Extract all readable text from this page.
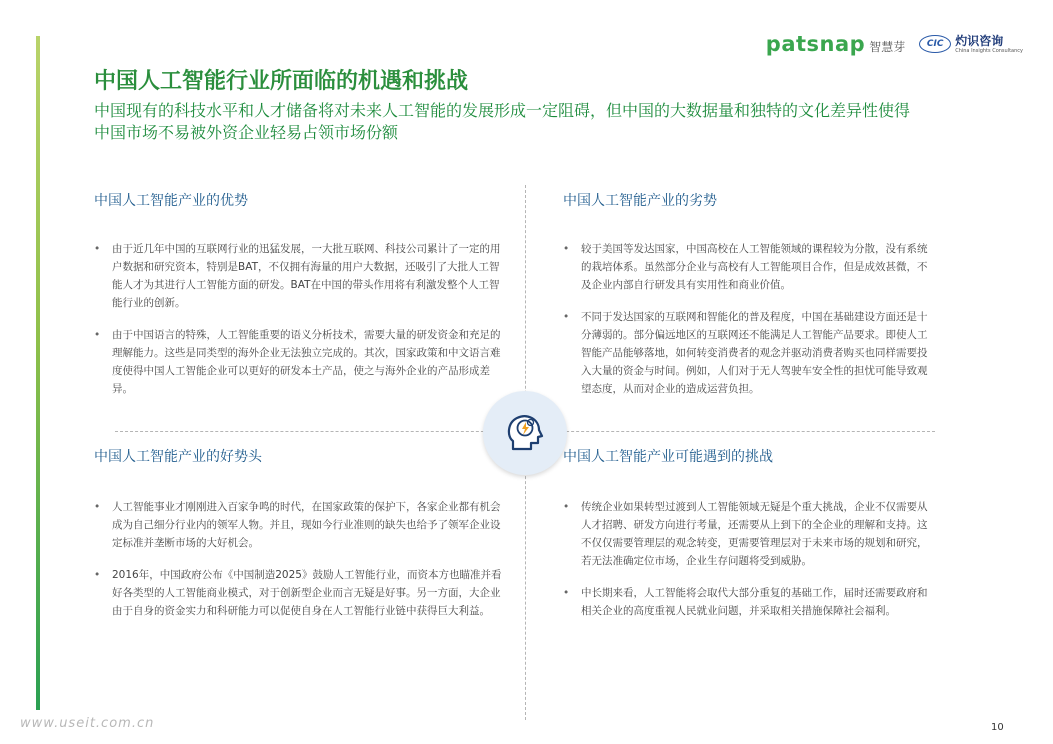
patsnap 智慧芽	CIC 灼识咨询
China Insights Consultancy
中国人工智能行业所面临的机遇和挑战

中国现有的科技水平和人才储备将对未来人工智能的发展形成一定阻碍，但中国的大数据量和独特的文化差异性使得中国市场不易被外资企业轻易占领市场份额

中国人工智能产业的优势
• 由于近几年中国的互联网行业的迅猛发展，一大批互联网、科技公司累计了一定的用户数据和研究资本，特别是BAT，不仅拥有海量的用户大数据，还吸引了大批人工智能人才为其进行人工智能方面的研发。BAT在中国的带头作用将有利激发整个人工智能行业的创新。
• 由于中国语言的特殊，人工智能重要的语义分析技术，需要大量的研发资金和充足的理解能力。这些是同类型的海外企业无法独立完成的。其次，国家政策和中文语言难度使得中国人工智能企业可以更好的研发本土产品，使之与海外企业的产品形成差异。
中国人工智能产业的劣势
• 较于美国等发达国家，中国高校在人工智能领域的课程较为分散，没有系统的栽培体系。虽然部分企业与高校有人工智能项目合作，但是成效甚微，不及企业内部自行研发具有实用性和商业价值。
• 不同于发达国家的互联网和智能化的普及程度，中国在基础建设方面还是十分薄弱的。部分偏远地区的互联网还不能满足人工智能产品要求。即使人工智能产品能够落地，如何转变消费者的观念并驱动消费者购买也同样需要投入大量的资金与时间。例如，人们对于无人驾驶车安全性的担忧可能导致观望态度，从而对企业的造成运营负担。
中国人工智能产业的好势头
• 人工智能事业才刚刚进入百家争鸣的时代，在国家政策的保护下，各家企业都有机会成为自己细分行业内的领军人物。并且，现如今行业准则的缺失也给予了领军企业设定标准并垄断市场的大好机会。
• 2016年，中国政府公布《中国制造2025》鼓励人工智能行业，而资本方也瞄准并看好各类型的人工智能商业模式，对于创新型企业而言无疑是好事。另一方面，大企业由于自身的资金实力和科研能力可以促使自身在人工智能行业链中获得巨大利益。
中国人工智能产业可能遇到的挑战
• 传统企业如果转型过渡到人工智能领域无疑是个重大挑战，企业不仅需要从人才招聘、研发方向进行考量，还需要从上到下的全企业的理解和支持。这不仅仅需要管理层的观念转变，更需要管理层对于未来市场的规划和研究，若无法准确定位市场，企业生存问题将受到威胁。
• 中长期来看，人工智能将会取代大部分重复的基础工作，届时还需要政府和相关企业的高度重视人民就业问题，并采取相关措施保障社会福利。
www.useit.com.cn	10
